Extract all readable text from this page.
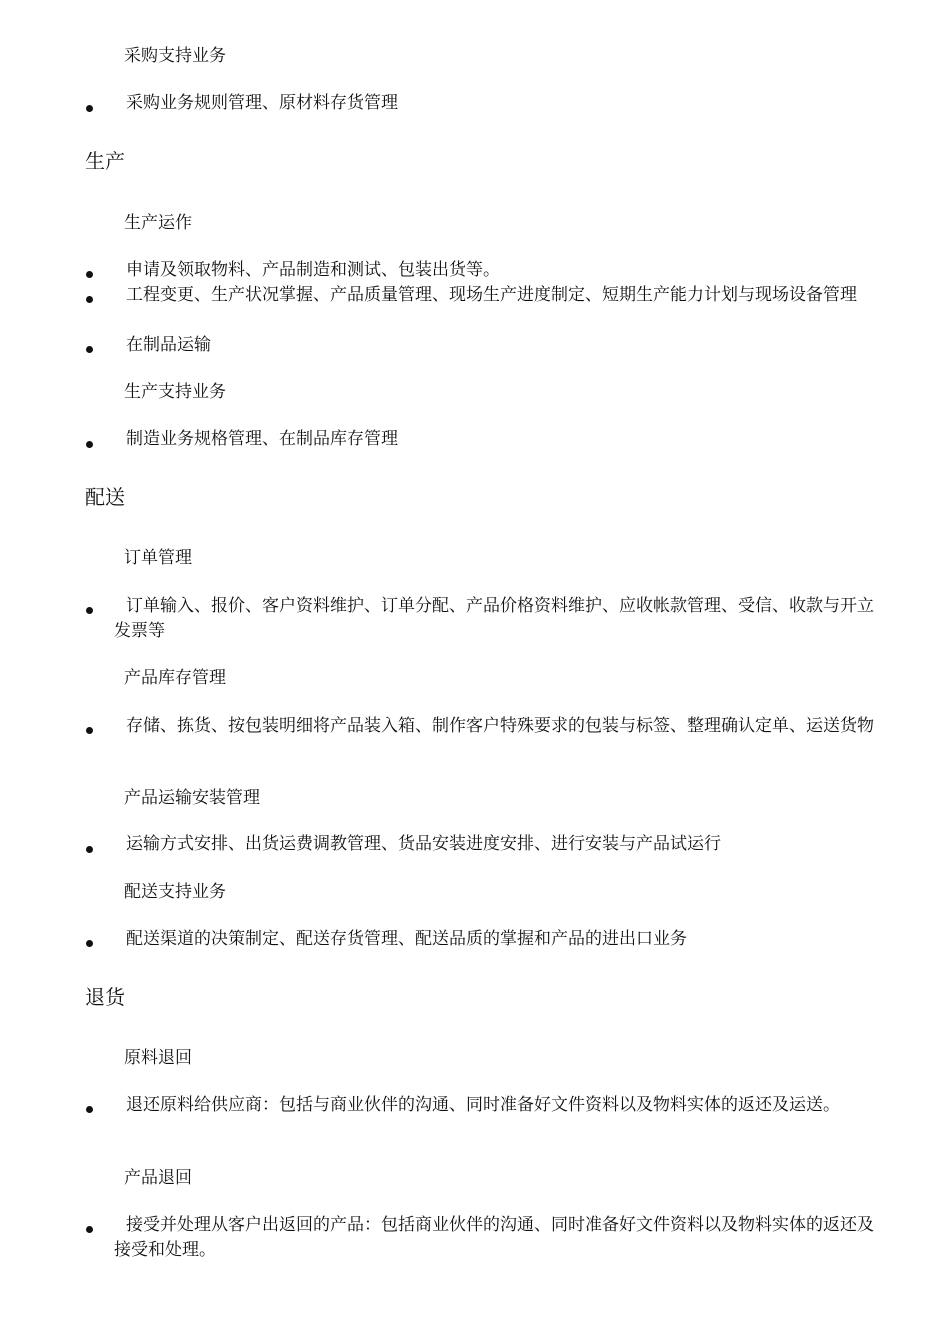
采购支持业务
采购业务规则管理、原材料存货管理
生产
生产运作
申请及领取物料、产品制造和测试、包装出货等。
工程变更、生产状况掌握、产品质量管理、现场生产进度制定、短期生产能力计划与现场设备管理
在制品运输
生产支持业务
制造业务规格管理、在制品库存管理
配送
订单管理
订单输入、报价、客户资料维护、订单分配、产品价格资料维护、应收帐款管理、受信、收款与开立发票等
产品库存管理
存储、拣货、按包装明细将产品装入箱、制作客户特殊要求的包装与标签、整理确认定单、运送货物
产品运输安装管理
运输方式安排、出货运费调教管理、货品安装进度安排、进行安装与产品试运行
配送支持业务
配送渠道的决策制定、配送存货管理、配送品质的掌握和产品的进出口业务
退货
原料退回
退还原料给供应商：包括与商业伙伴的沟通、同时准备好文件资料以及物料实体的返还及运送。
产品退回
接受并处理从客户出返回的产品：包括商业伙伴的沟通、同时准备好文件资料以及物料实体的返还及接受和处理。
